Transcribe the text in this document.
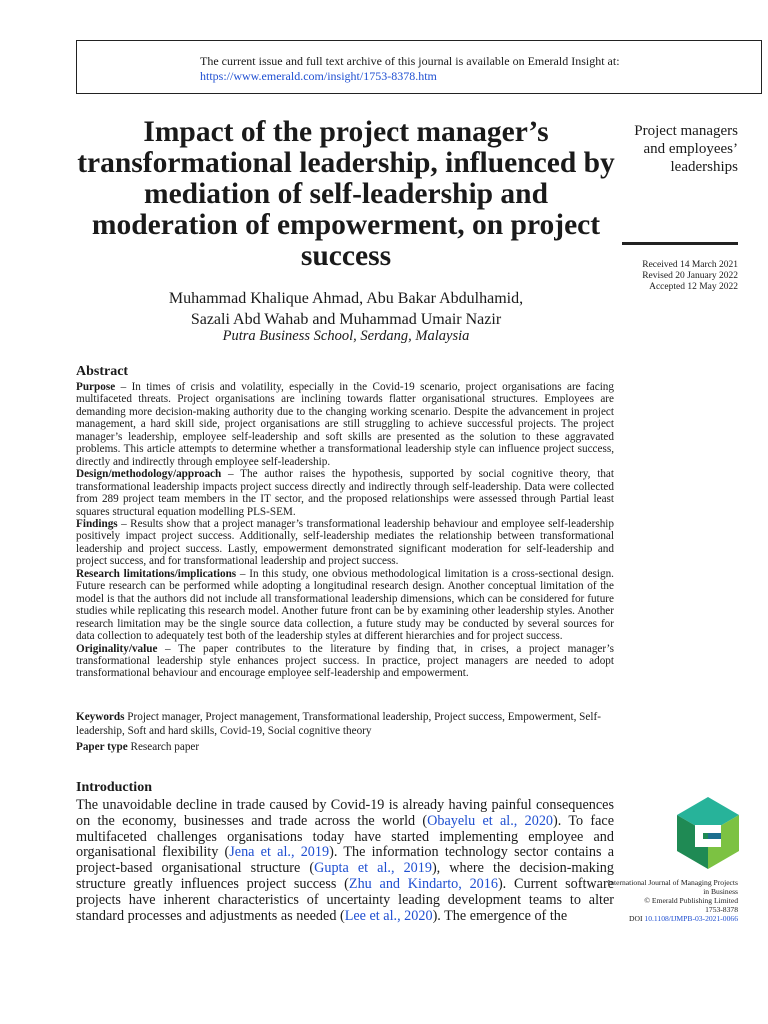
The current issue and full text archive of this journal is available on Emerald Insight at:
https://www.emerald.com/insight/1753-8378.htm
Impact of the project manager’s transformational leadership, influenced by mediation of self-leadership and moderation of empowerment, on project success
Muhammad Khalique Ahmad, Abu Bakar Abdulhamid,
Sazali Abd Wahab and Muhammad Umair Nazir
Putra Business School, Serdang, Malaysia
Project managers and employees’ leaderships
Received 14 March 2021
Revised 20 January 2022
Accepted 12 May 2022
Abstract

Purpose – In times of crisis and volatility, especially in the Covid-19 scenario, project organisations are facing multifaceted threats. Project organisations are inclining towards flatter organisational structures. Employees are demanding more decision-making authority due to the changing working scenario. Despite the advancement in project management, a hard skill side, project organisations are still struggling to achieve successful projects. The project manager’s leadership, employee self-leadership and soft skills are presented as the solution to these aggravated problems. This article attempts to determine whether a transformational leadership style can influence project success, directly and indirectly through employee self-leadership.

Design/methodology/approach – The author raises the hypothesis, supported by social cognitive theory, that transformational leadership impacts project success directly and indirectly through self-leadership. Data were collected from 289 project team members in the IT sector, and the proposed relationships were assessed through Partial least squares structural equation modelling PLS-SEM.

Findings – Results show that a project manager’s transformational leadership behaviour and employee self-leadership positively impact project success. Additionally, self-leadership mediates the relationship between transformational leadership and project success. Lastly, empowerment demonstrated significant moderation for self-leadership and project success, and for transformational leadership and project success.

Research limitations/implications – In this study, one obvious methodological limitation is a cross-sectional design. Future research can be performed while adopting a longitudinal research design. Another conceptual limitation of the model is that the authors did not include all transformational leadership dimensions, which can be considered for future studies while replicating this research model. Another future front can be by examining other leadership styles. Another research limitation may be the single source data collection, a future study may be conducted by several sources for data collection to adequately test both of the leadership styles at different hierarchies and for project success.

Originality/value – The paper contributes to the literature by finding that, in crises, a project manager’s transformational leadership style enhances project success. In practice, project managers are needed to adopt transformational behaviour and encourage employee self-leadership and empowerment.

Keywords Project manager, Project management, Transformational leadership, Project success, Empowerment, Self-leadership, Soft and hard skills, Covid-19, Social cognitive theory
Paper type Research paper
Introduction

The unavoidable decline in trade caused by Covid-19 is already having painful consequences on the economy, businesses and trade across the world (Obayelu et al., 2020). To face multifaceted challenges organisations today have started implementing employee and organisational flexibility (Jena et al., 2019). The information technology sector contains a project-based organisational structure (Gupta et al., 2019), where the decision-making structure greatly influences project success (Zhu and Kindarto, 2016). Current software projects have inherent characteristics of uncertainty leading development teams to alter standard processes and adjustments as needed (Lee et al., 2020). The emergence of the

International Journal of Managing Projects in Business
© Emerald Publishing Limited
1753-8378
DOI 10.1108/IJMPB-03-2021-0066
